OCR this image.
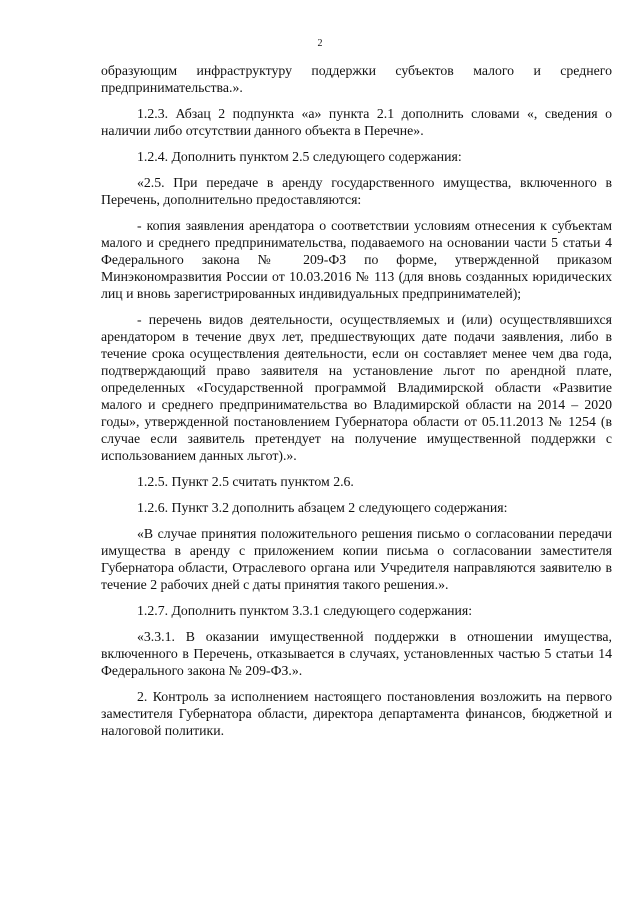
2

образующим инфраструктуру поддержки субъектов малого и среднего предпринимательства.».

1.2.3. Абзац 2 подпункта «а» пункта 2.1 дополнить словами «, сведения о наличии либо отсутствии данного объекта в Перечне».

1.2.4. Дополнить пунктом 2.5 следующего содержания:

«2.5. При передаче в аренду государственного имущества, включенного в Перечень, дополнительно предоставляются:

- копия заявления арендатора о соответствии условиям отнесения к субъектам малого и среднего предпринимательства, подаваемого на основании части 5 статьи 4 Федерального закона № 209-ФЗ по форме, утвержденной приказом Минэкономразвития России от 10.03.2016 № 113 (для вновь созданных юридических лиц и вновь зарегистрированных индивидуальных предпринимателей);

- перечень видов деятельности, осуществляемых и (или) осуществлявшихся арендатором в течение двух лет, предшествующих дате подачи заявления, либо в течение срока осуществления деятельности, если он составляет менее чем два года, подтверждающий право заявителя на установление льгот по арендной плате, определенных «Государственной программой Владимирской области «Развитие малого и среднего предпринимательства во Владимирской области на 2014 – 2020 годы», утвержденной постановлением Губернатора области от 05.11.2013 № 1254 (в случае если заявитель претендует на получение имущественной поддержки с использованием данных льгот).».

1.2.5. Пункт 2.5 считать пунктом 2.6.

1.2.6. Пункт 3.2 дополнить абзацем 2 следующего содержания:

«В случае принятия положительного решения письмо о согласовании передачи имущества в аренду с приложением копии письма о согласовании заместителя Губернатора области, Отраслевого органа или Учредителя направляются заявителю в течение 2 рабочих дней с даты принятия такого решения.».

1.2.7. Дополнить пунктом 3.3.1 следующего содержания:

«3.3.1. В оказании имущественной поддержки в отношении имущества, включенного в Перечень, отказывается в случаях, установленных частью 5 статьи 14 Федерального закона № 209-ФЗ.».

2. Контроль за исполнением настоящего постановления возложить на первого заместителя Губернатора области, директора департамента финансов, бюджетной и налоговой политики.
